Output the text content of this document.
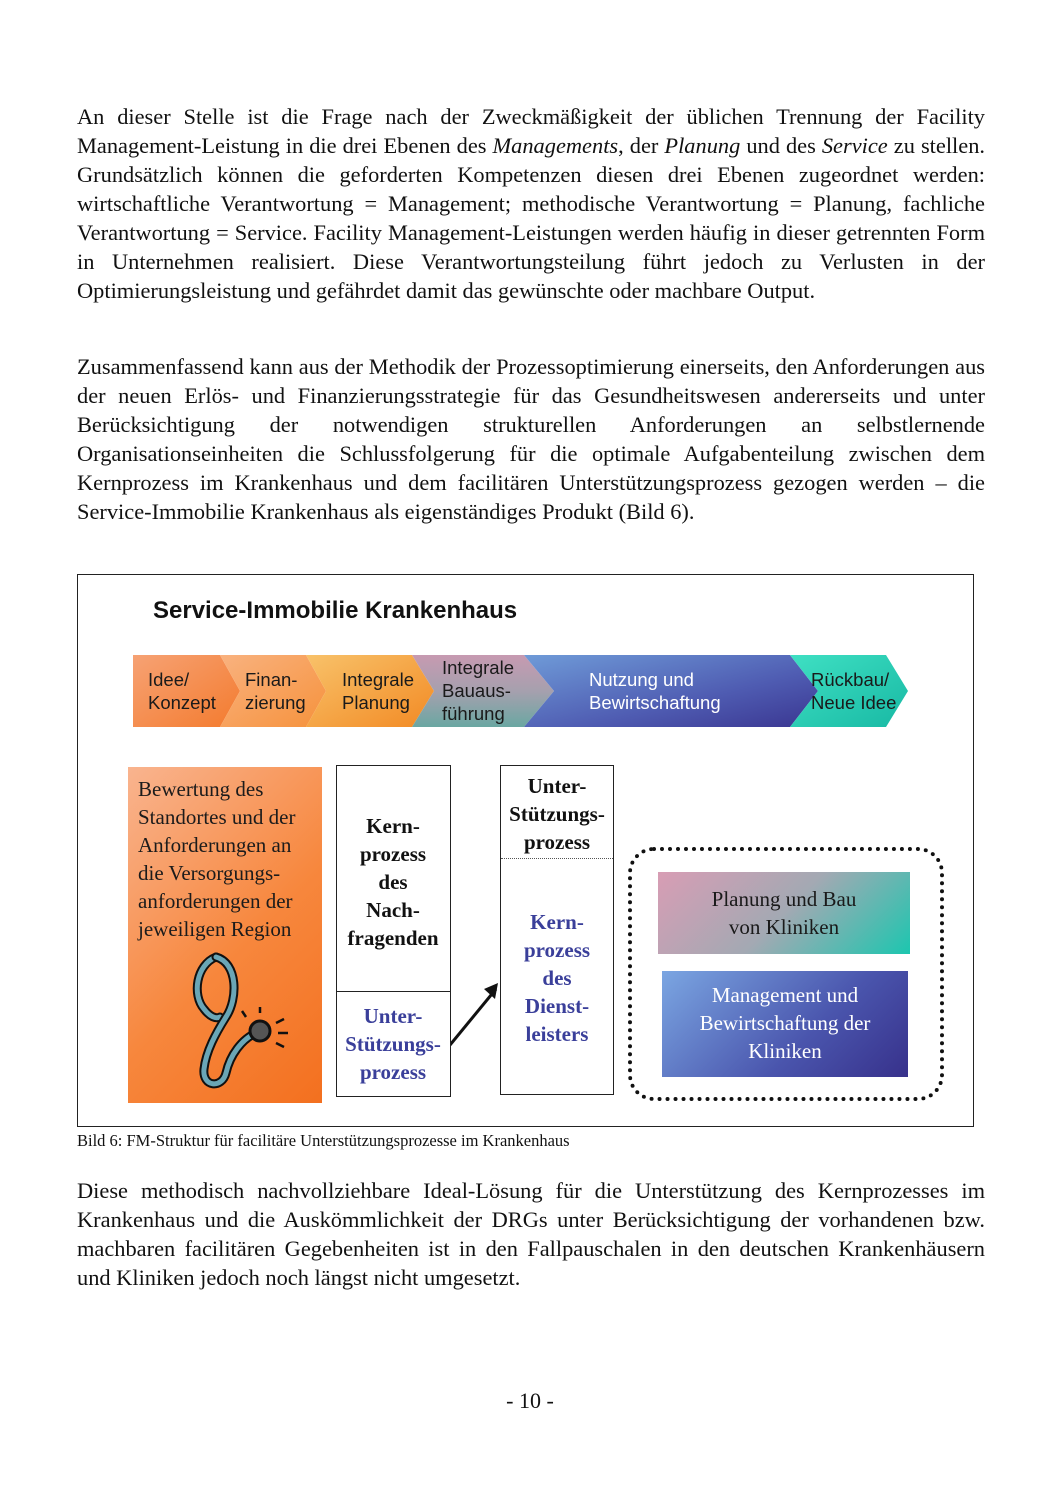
An dieser Stelle ist die Frage nach der Zweckmäßigkeit der üblichen Trennung der Facility Management-Leistung in die drei Ebenen des Managements, der Planung und des Service zu stellen. Grundsätzlich können die geforderten Kompetenzen diesen drei Ebenen zugeordnet werden: wirtschaftliche Verantwortung = Management; methodische Verantwortung = Planung, fachliche Verantwortung = Service. Facility Management-Leistungen werden häufig in dieser getrennten Form in Unternehmen realisiert. Diese Verantwortungsteilung führt jedoch zu Verlusten in der Optimierungsleistung und gefährdet damit das gewünschte oder machbare Output.

Zusammenfassend kann aus der Methodik der Prozessoptimierung einerseits, den Anforderungen aus der neuen Erlös- und Finanzierungsstrategie für das Gesundheitswesen andererseits und unter Berücksichtigung der notwendigen strukturellen Anforderungen an selbstlernende Organisationseinheiten die Schlussfolgerung für die optimale Aufgabenteilung zwischen dem Kernprozess im Krankenhaus und dem facilitären Unterstützungsprozess gezogen werden – die Service-Immobilie Krankenhaus als eigenständiges Produkt (Bild 6).

Service-Immobilie Krankenhaus

Idee/
Konzept
Finan-
zierung
Integrale
Planung
Integrale
Bauaus-
führung
Nutzung und
Bewirtschaftung
Rückbau/
Neue Idee

Bewertung des
Standortes und der
Anforderungen an
die Versorgungs-
anforderungen der
jeweiligen Region

Kern-
prozess
des
Nach-
fragenden
Unter-
Stützungs-
prozess
Unter-
Stützungs-
prozess
Kern-
prozess
des
Dienst-
leisters

Planung und Bau
von Kliniken

Management und
Bewirtschaftung der
Kliniken

Bild 6: FM-Struktur für facilitäre Unterstützungsprozesse im Krankenhaus

Diese methodisch nachvollziehbare Ideal-Lösung für die Unterstützung des Kernprozesses im Krankenhaus und die Auskömmlichkeit der DRGs unter Berücksichtigung der vorhandenen bzw. machbaren facilitären Gegebenheiten ist in den Fallpauschalen in den deutschen Krankenhäusern und Kliniken jedoch noch längst nicht umgesetzt.

- 10 -
